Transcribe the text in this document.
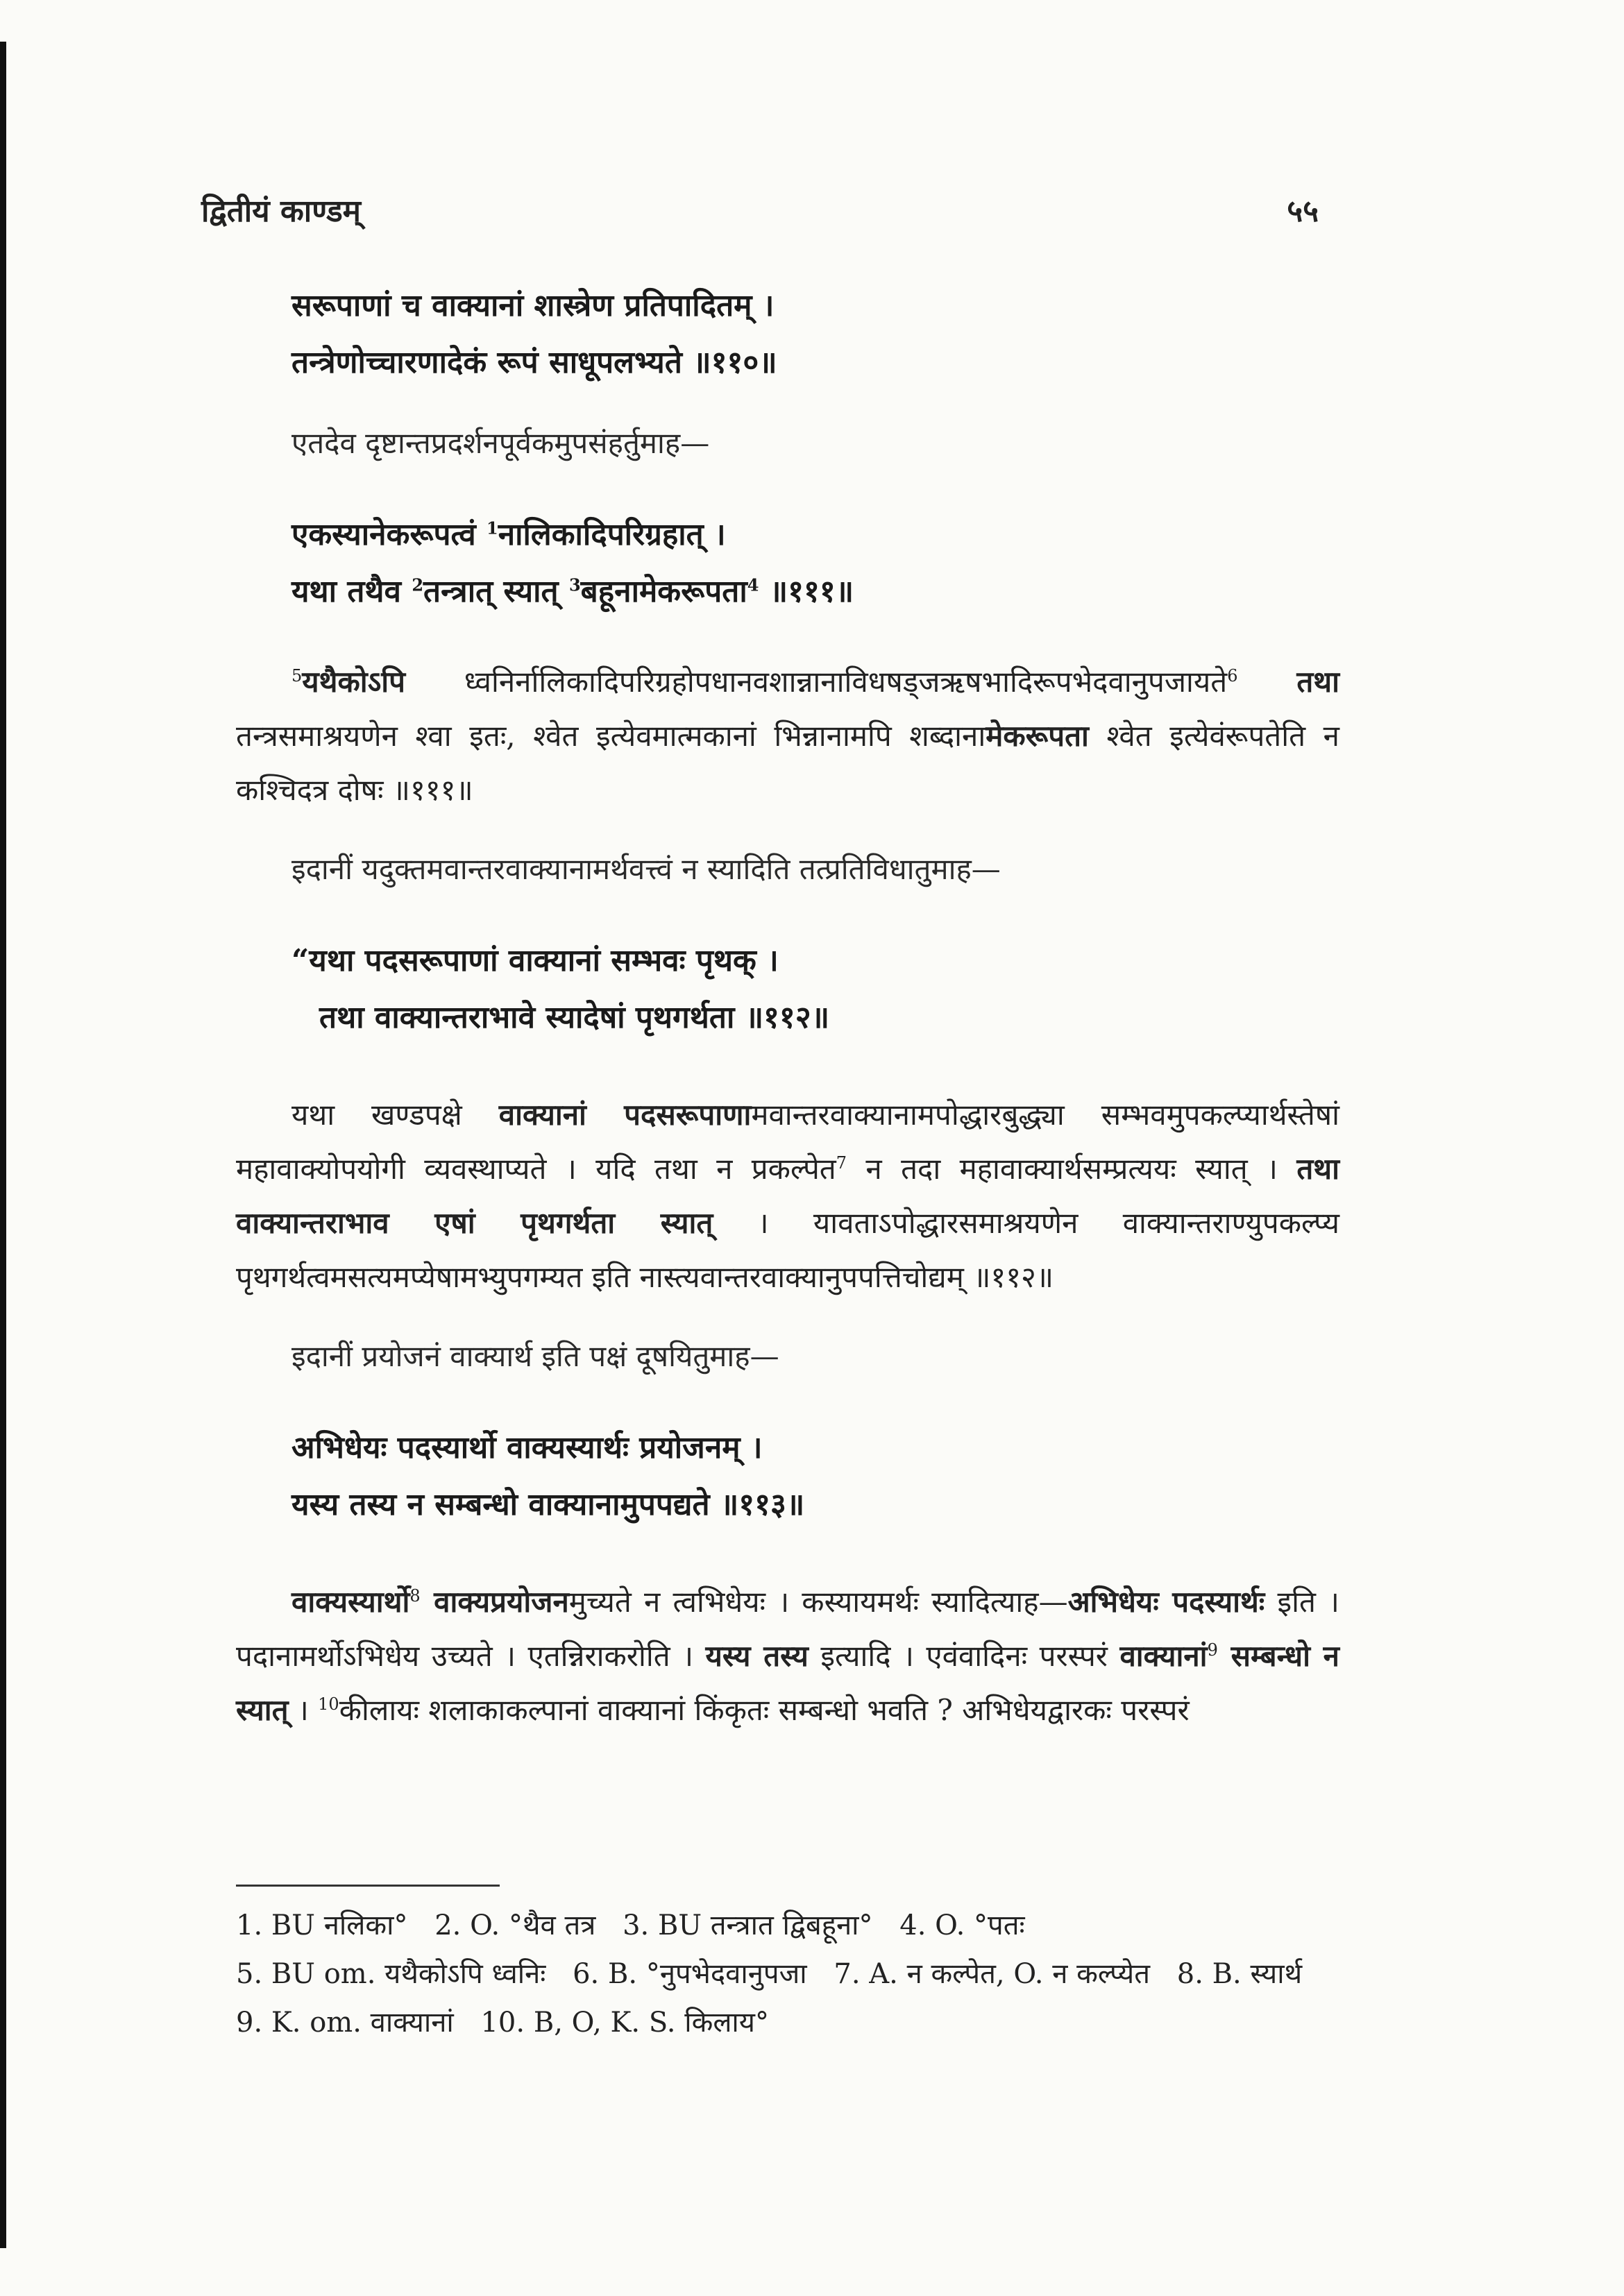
द्वितीयं काण्डम्	५५

सरूपाणां च वाक्यानां शास्त्रेण प्रतिपादितम् ।

तन्त्रेणोच्चारणादेकं रूपं साधूपलभ्यते ॥११०॥

एतदेव दृष्टान्तप्रदर्शनपूर्वकमुपसंहर्तुमाह—

एकस्यानेकरूपत्वं $^1$नालिकादिपरिग्रहात् ।

यथा तथैव $^2$तन्त्रात् स्यात् $^3$बहूनामेकरूपता$^4$ ॥१११॥

$^5$यथैकोऽपि ध्वनिर्नालिकादिपरिग्रहोपधानवशान्नानाविधषड्जऋषभादिरूपभेदवानुपजायते$^6$ तथा तन्त्रसमाश्रयणेन श्वा इतः, श्वेत इत्येवमात्मकानां भिन्नानामपि शब्दानामेकरूपता श्वेत इत्येवंरूपतेति न कश्चिदत्र दोषः ॥१११॥

इदानीं यदुक्तमवान्तरवाक्यानामर्थवत्त्वं न स्यादिति तत्प्रतिविधातुमाह—

“यथा पदसरूपाणां वाक्यानां सम्भवः पृथक् ।

तथा वाक्यान्तराभावे स्यादेषां पृथगर्थता ॥११२॥

यथा खण्डपक्षे वाक्यानां पदसरूपाणामवान्तरवाक्यानामपोद्धारबुद्ध्या सम्भवमुपकल्प्यार्थस्तेषां महावाक्योपयोगी व्यवस्थाप्यते । यदि तथा न प्रकल्पेत$^7$ न तदा महावाक्यार्थसम्प्रत्ययः स्यात् । तथा वाक्यान्तराभाव एषां पृथगर्थता स्यात् । यावताऽपोद्धारसमाश्रयणेन वाक्यान्तराण्युपकल्प्य पृथगर्थत्वमसत्यमप्येषामभ्युपगम्यत इति नास्त्यवान्तरवाक्यानुपपत्तिचोद्यम् ॥११२॥

इदानीं प्रयोजनं वाक्यार्थ इति पक्षं दूषयितुमाह—

अभिधेयः पदस्यार्थो वाक्यस्यार्थः प्रयोजनम् ।

यस्य तस्य न सम्बन्धो वाक्यानामुपपद्यते ॥११३॥

वाक्यस्यार्थो$^8$ वाक्यप्रयोजनमुच्यते न त्वभिधेयः । कस्यायमर्थः स्यादित्याह—अभिधेयः पदस्यार्थः इति । पदानामर्थोऽभिधेय उच्यते । एतन्निराकरोति । यस्य तस्य इत्यादि । एवंवादिनः परस्परं वाक्यानां$^9$ सम्बन्धो न स्यात् । $^{10}$कीलायः शलाकाकल्पानां वाक्यानां किंकृतः सम्बन्धो भवति ? अभिधेयद्वारकः परस्परं

1. BU नलिका° 2. O. °थैव तत्र 3. BU तन्त्रात द्विबहूना° 4. O. °पतः 5. BU om. यथैकोऽपि ध्वनिः 6. B. °नुपभेदवानुपजा 7. A. न कल्पेत, O. न कल्प्येत 8. B. स्यार्थ 9. K. om. वाक्यानां 10. B, O, K. S. किलाय°
